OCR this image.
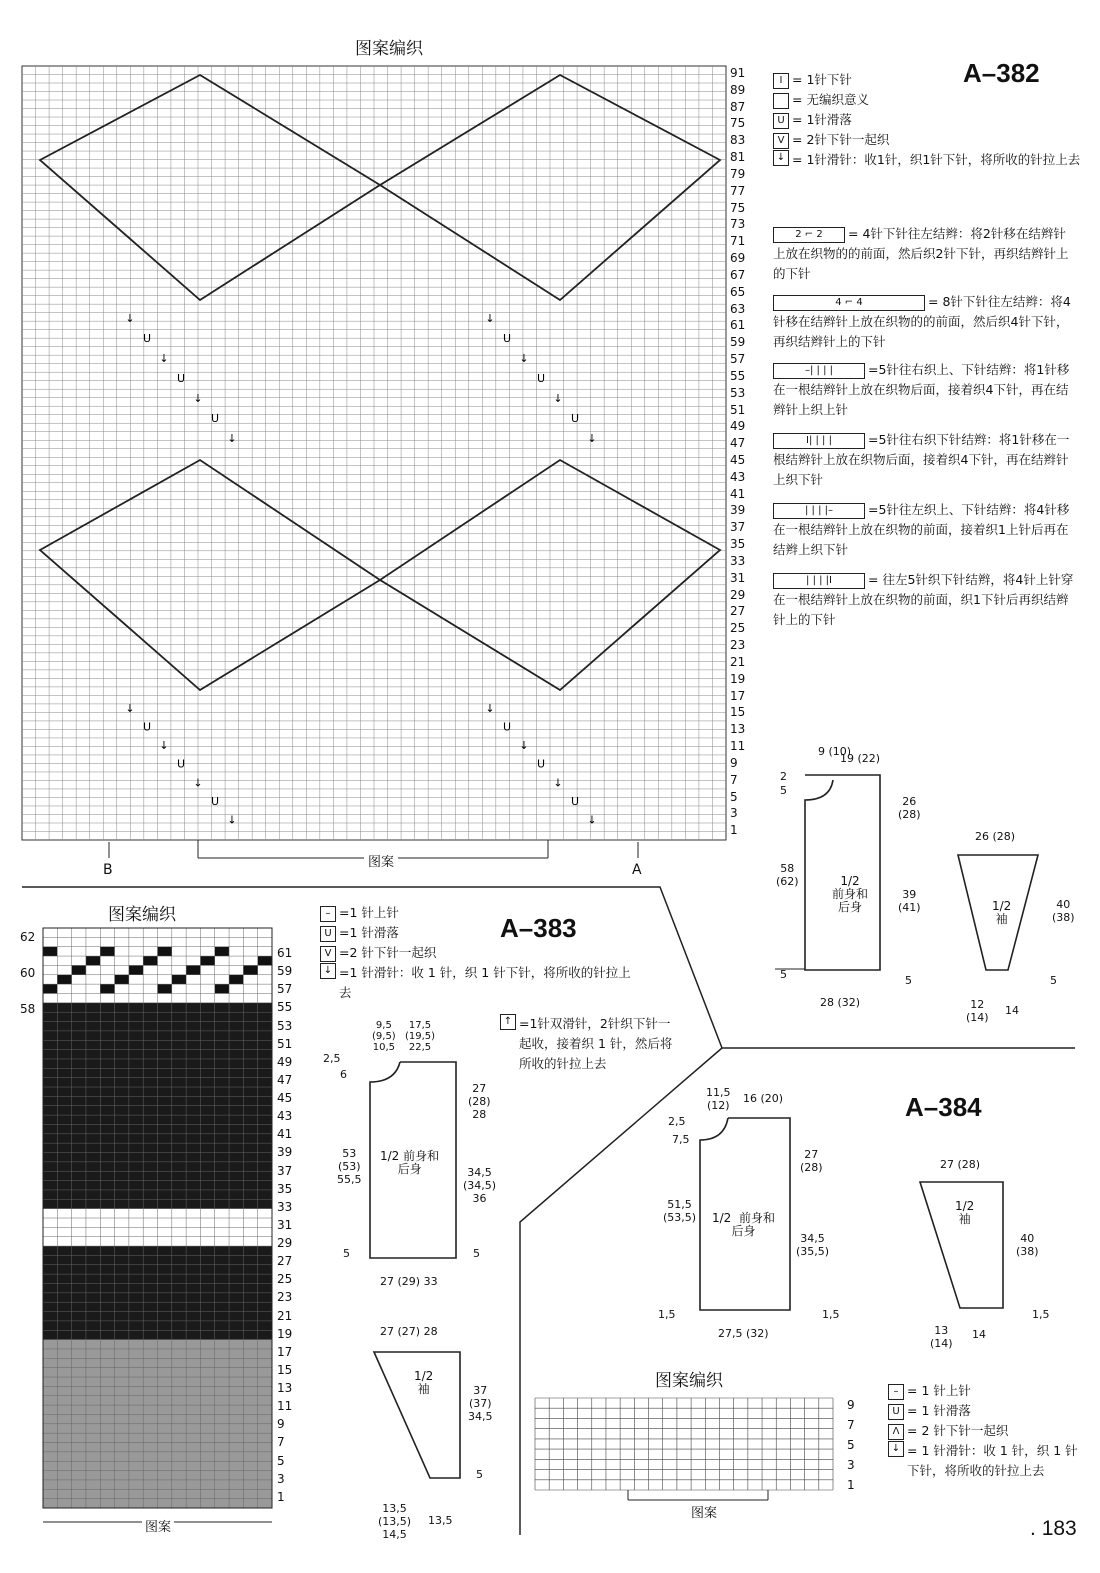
图案编织
A–382
↓
U
↓
U
↓
U
↓
↓
U
↓
U
↓
U
↓
↓
U
↓
U
↓
U
↓
↓
U
↓
U
↓
U
↓
91
89
87
75
83
81
79
77
75
73
71
69
67
65
63
61
59
57
55
53
51
49
47
45
43
41
39
37
35
33
31
29
27
25
23
21
19
17
15
13
11
9
7
5
3
1
B	A
图案
I = 1针下针
= 无编织意义
U = 1针滑落
V = 2针下针一起织
↓ = 1针滑针：收1针，织1针下针，将所收的针拉上去
2 ⌐ 2 = 4针下针往左结辫：将2针移在结辫针上放在织物的的前面，然后织2针下针，再织结辫针上的下针
4 ⌐ 4	= 8针下针往左结辫：将4 针移在结辫针上放在织物的的前面，然后织4针下针，再织结辫针上的下针
–| | | |	=5针往右织上、下针结辫：将1针移在一根结辫针上放在织物后面，接着织4下针，再在结辫针上织上针
I| | | |	=5针往右织下针结辫：将1针移在一根结辫针上放在织物后面，接着织4下针，再在结辫针上织下针
| | | |–	=5针往左织上、下针结辫：将4针移在一根结辫针上放在织物的前面，接着织1上针后再在结辫上织下针
| | | |I	= 往左5针织下针结辫，将4针上针穿在一根结辫针上放在织物的前面，织1下针后再织结辫针上的下针
图案编织	A–383
61
59
57
55
53
51
49
47
45
43
41
39
37
35
33
31
29
27
25
23
21
19
17
15
13
11
9
7
5
3
1
62
60
58
图案
– =1 针上针
U =1 针滑落
V =2 针下针一起织
↓ =1 针滑针：收 1 针，织 1 针下针，将所收的针拉上去
↑ =1针双滑针，2针织下针一起收，接着织 1 针，然后将所收的针拉上去
A–384
图案编织
9
7
5
3
1
图案
– = 1 针上针
U = 1 针滑落
Λ = 2 针下针一起织
↓ = 1 针滑针：收 1 针，织 1 针下针，将所收的针拉上去
9 (10)
19 (22)
2
5
26
(28)
39
(41)
58
(62)	1/2
前身和
后身
28 (32)
5	5
26 (28)
1/2
袖
40
(38)
12
(14)
14
5
9,5
(9,5)
10,5
17,5
(19,5)
22,5
2,5
6
27
(28)
28
34,5
(34,5)
36
53
(53)
55,5
1/2 前身和
后身
27 (29) 33
5	5
27 (27) 28
1/2
袖	37
(37)
34,5
13,5
(13,5)
14,5
13,5
5
11,5
(12)
16 (20)
2,5
7,5
27
(28)
34,5
(35,5)
51,5
(53,5) 1/2  前身和
后身
27,5 (32)
1,5	1,5
27 (28)
1/2
袖
40
(38)
13
(14)
14
1,5
. 183
